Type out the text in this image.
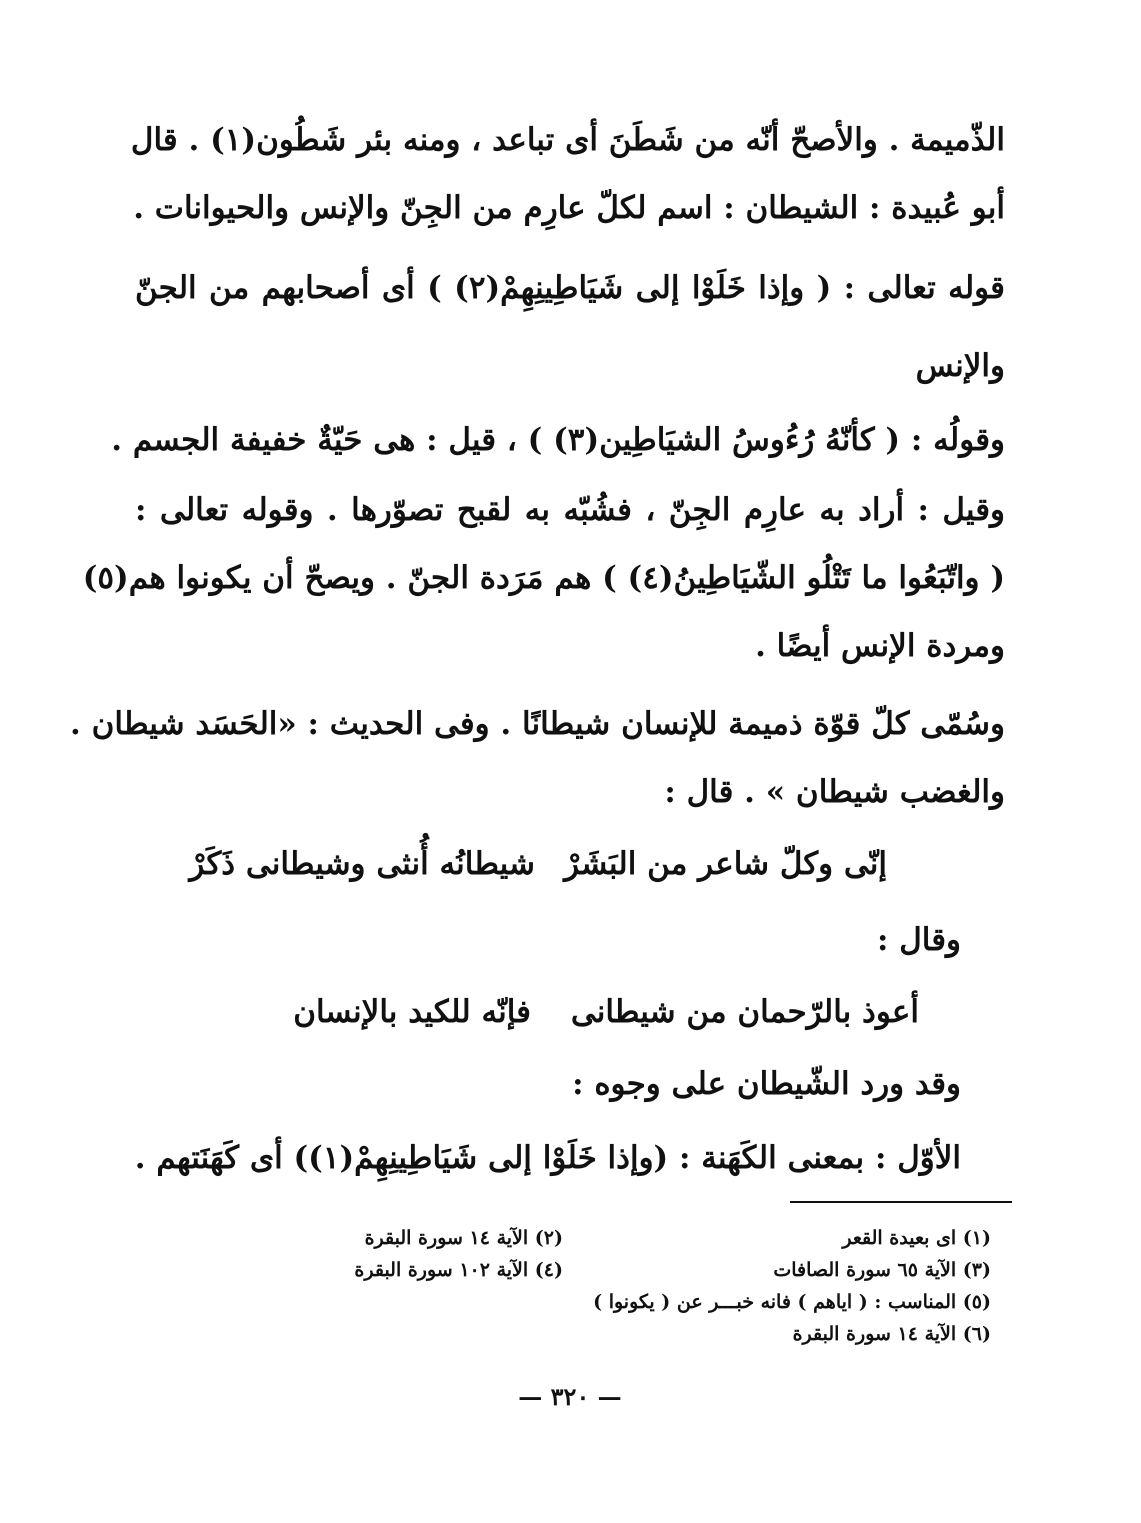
الذّميمة . والأصحّ أنّه من شَطَنَ أى تباعد ، ومنه بئر شَطُون(١) . قال
أبو عُبيدة : الشيطان : اسم لكلّ عارِم من الجِنّ والإنس والحيوانات .
قوله تعالى : ( وإذا خَلَوْا إلى شَيَاطِينِهِمْ(٢) ) أى أصحابهم من الجنّ
والإنس
وقولُه : ( كأنّهُ رُءُوسُ الشيَاطِين(٣) ) ، قيل : هى حَيّةٌ خفيفة الجسم .
وقيل : أراد به عارِم الجِنّ ، فشُبّه به لقبح تصوّرها . وقوله تعالى :
( واتّبَعُوا ما تَتْلُو الشّيَاطِينُ(٤) ) هم مَرَدة الجنّ . ويصحّ أن يكونوا هم(٥)
ومردة الإنس أيضًا .
وسُمّى كلّ قوّة ذميمة للإنسان شيطانًا . وفى الحديث : «الحَسَد شيطان .
والغضب شيطان » . قال :
إنّى وكلّ شاعر من البَشَرْ
شيطانُه أُنثى وشيطانى ذَكَرْ
وقال :
أعوذ بالرّحمان من شيطانى
فإنّه للكيد بالإنسان
وقد ورد الشّيطان على وجوه :
الأوّل : بمعنى الكَهَنة : (وإذا خَلَوْا إلى شَيَاطِينِهِمْ(١)) أى كَهَنَتهم .
(١) اى بعيدة القعر
(٢) الآية ١٤ سورة البقرة
(٣) الآية ٦٥ سورة الصافات
(٤) الآية ١٠٢ سورة البقرة
(٥) المناسب : ( اياهم ) فانه خبـــر عن ( يكونوا )
(٦) الآية ١٤ سورة البقرة
— ٣٢٠ —
